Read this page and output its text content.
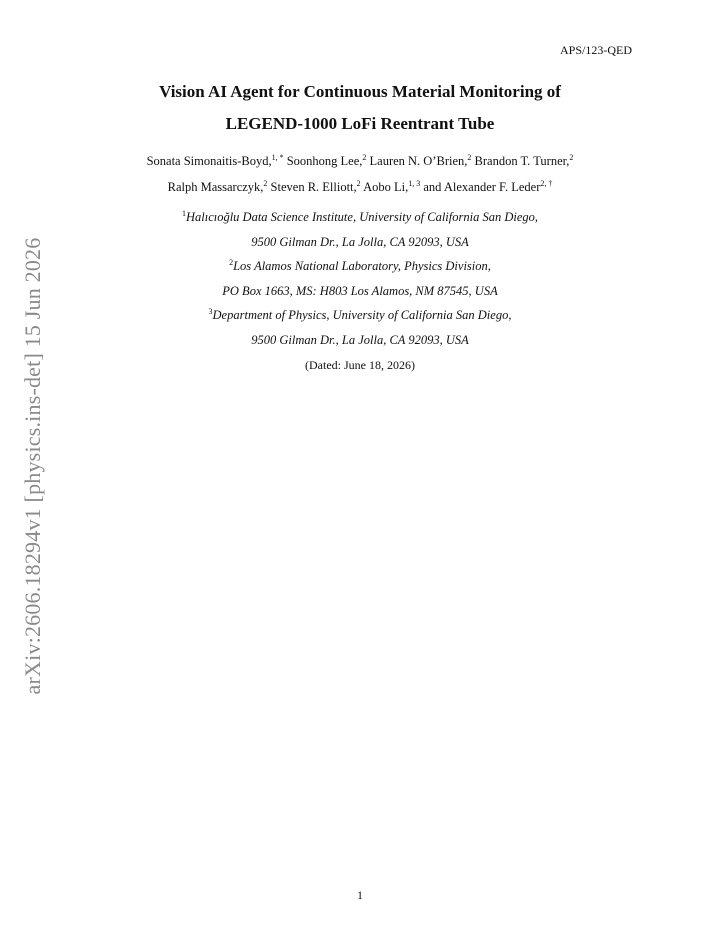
APS/123-QED
arXiv:2606.18294v1 [physics.ins-det] 15 Jun 2026
Vision AI Agent for Continuous Material Monitoring of
LEGEND-1000 LoFi Reentrant Tube
Sonata Simonaitis-Boyd,$^{1, *}$ Soonhong Lee,$^2$ Lauren N. O’Brien,$^2$ Brandon T. Turner,$^2$
Ralph Massarczyk,$^2$ Steven R. Elliott,$^2$ Aobo Li,$^{1, 3}$ and Alexander F. Leder$^{2, \dagger}$
$^1$Halıcıoğlu Data Science Institute, University of California San Diego,
9500 Gilman Dr., La Jolla, CA 92093, USA
$^2$Los Alamos National Laboratory, Physics Division,
PO Box 1663, MS: H803 Los Alamos, NM 87545, USA
$^3$Department of Physics, University of California San Diego,
9500 Gilman Dr., La Jolla, CA 92093, USA
(Dated: June 18, 2026)
1
